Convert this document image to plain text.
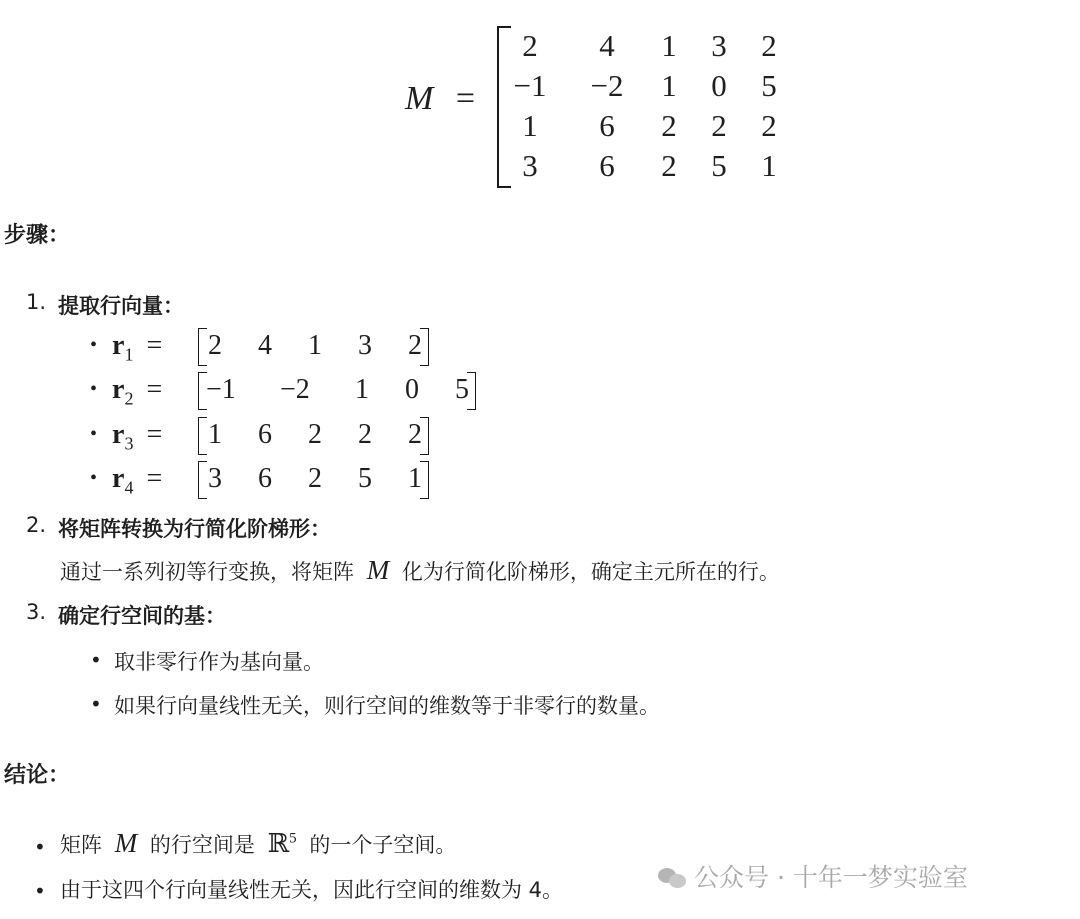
M =
2	4	1	3	2
−1	−2	1	0	5
1	6	2	2	2
3	6	2	5	1
步骤：
1. 提取行向量：
• $r_1 = 2$ 4 1 3 2
• $r_2 = -1 -2$ 1 0 5
• $r_3 = 1$ 6 2 2 2
• $r_4 = 3$ 6 2 5 1
2. 将矩阵转换为行简化阶梯形：
通过一系列初等行变换，将矩阵 M 化为行简化阶梯形，确定主元所在的行。
3. 确定行空间的基：
• 取非零行作为基向量。
• 如果行向量线性无关，则行空间的维数等于非零行的数量。
结论：
• 矩阵 M 的行空间是 ℝ$^5$ 的一个子空间。
• 由于这四个行向量线性无关，因此行空间的维数为 4。	公众号 · 十年一梦实验室
